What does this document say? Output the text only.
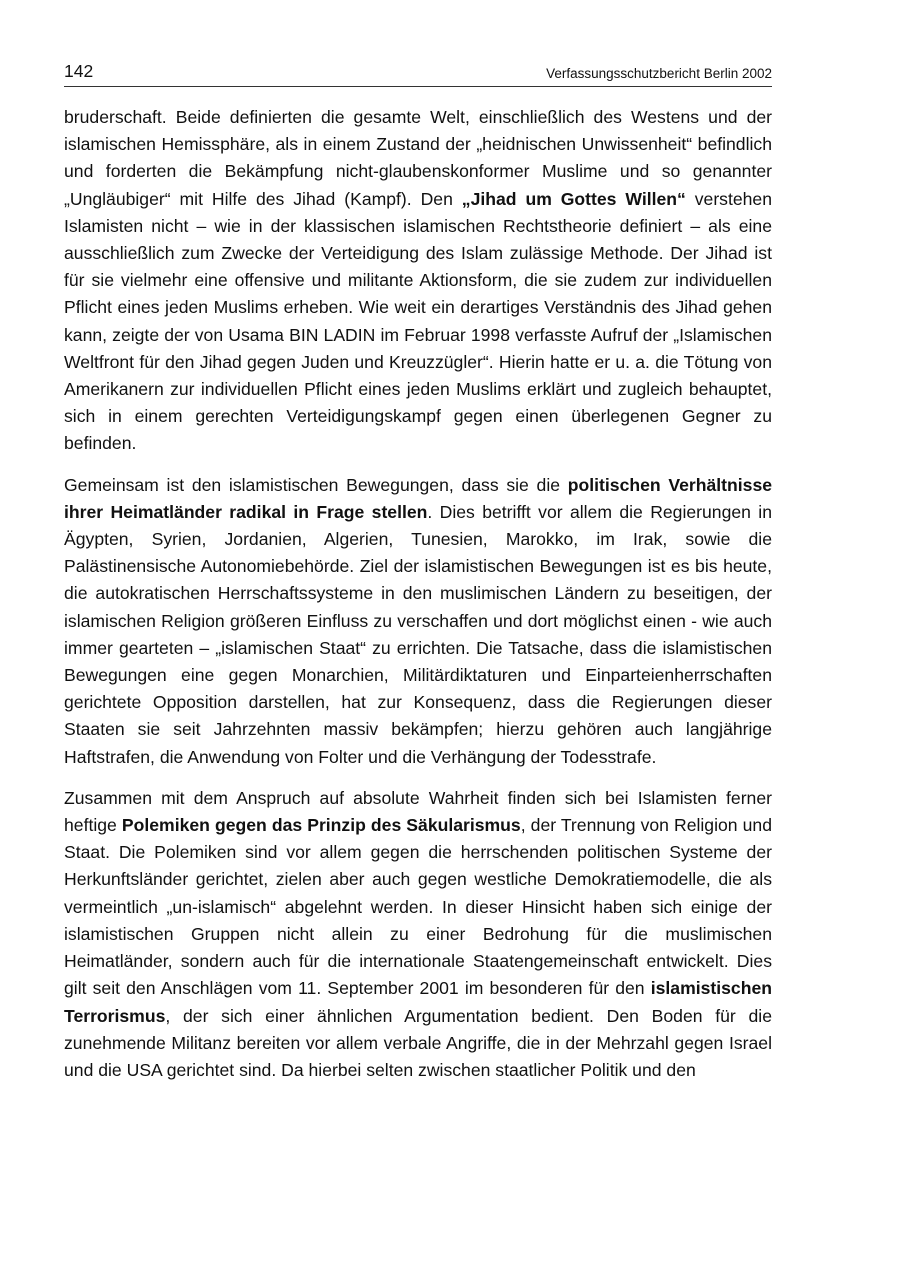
142	Verfassungsschutzbericht Berlin 2002

bruderschaft. Beide definierten die gesamte Welt, einschließlich des Westens und der islamischen Hemissphäre, als in einem Zustand der „heidnischen Unwissenheit“ befindlich und forderten die Bekämpfung nicht-glaubenskonformer Muslime und so genannter „Ungläubiger“ mit Hilfe des Jihad (Kampf). Den „Jihad um Gottes Willen“ verstehen Islamisten nicht – wie in der klassischen islamischen Rechtstheorie definiert – als eine ausschließlich zum Zwecke der Verteidigung des Islam zulässige Methode. Der Jihad ist für sie vielmehr eine offensive und militante Aktionsform, die sie zudem zur individuellen Pflicht eines jeden Muslims erheben. Wie weit ein derartiges Verständnis des Jihad gehen kann, zeigte der von Usama BIN LADIN im Februar 1998 verfasste Aufruf der „Islamischen Weltfront für den Jihad gegen Juden und Kreuzzügler“. Hierin hatte er u. a. die Tötung von Amerikanern zur individuellen Pflicht eines jeden Muslims erklärt und zugleich behauptet, sich in einem gerechten Verteidigungskampf gegen einen überlegenen Gegner zu befinden.

Gemeinsam ist den islamistischen Bewegungen, dass sie die politischen Verhältnisse ihrer Heimatländer radikal in Frage stellen. Dies betrifft vor allem die Regierungen in Ägypten, Syrien, Jordanien, Algerien, Tunesien, Marokko, im Irak, sowie die Palästinensische Autonomiebehörde. Ziel der islamistischen Bewegungen ist es bis heute, die autokratischen Herrschaftssysteme in den muslimischen Ländern zu beseitigen, der islamischen Religion größeren Einfluss zu verschaffen und dort möglichst einen - wie auch immer gearteten – „islamischen Staat“ zu errichten. Die Tatsache, dass die islamistischen Bewegungen eine gegen Monarchien, Militärdiktaturen und Einparteienherrschaften gerichtete Opposition darstellen, hat zur Konsequenz, dass die Regierungen dieser Staaten sie seit Jahrzehnten massiv bekämpfen; hierzu gehören auch langjährige Haftstrafen, die Anwendung von Folter und die Verhängung der Todesstrafe.

Zusammen mit dem Anspruch auf absolute Wahrheit finden sich bei Islamisten ferner heftige Polemiken gegen das Prinzip des Säkularismus, der Trennung von Religion und Staat. Die Polemiken sind vor allem gegen die herrschenden politischen Systeme der Herkunftsländer gerichtet, zielen aber auch gegen westliche Demokratiemodelle, die als vermeintlich „un-islamisch“ abgelehnt werden. In dieser Hinsicht haben sich einige der islamistischen Gruppen nicht allein zu einer Bedrohung für die muslimischen Heimatländer, sondern auch für die internationale Staatengemeinschaft entwickelt. Dies gilt seit den Anschlägen vom 11. September 2001 im besonderen für den islamistischen Terrorismus, der sich einer ähnlichen Argumentation bedient. Den Boden für die zunehmende Militanz bereiten vor allem verbale Angriffe, die in der Mehrzahl gegen Israel und die USA gerichtet sind. Da hierbei selten zwischen staatlicher Politik und den
